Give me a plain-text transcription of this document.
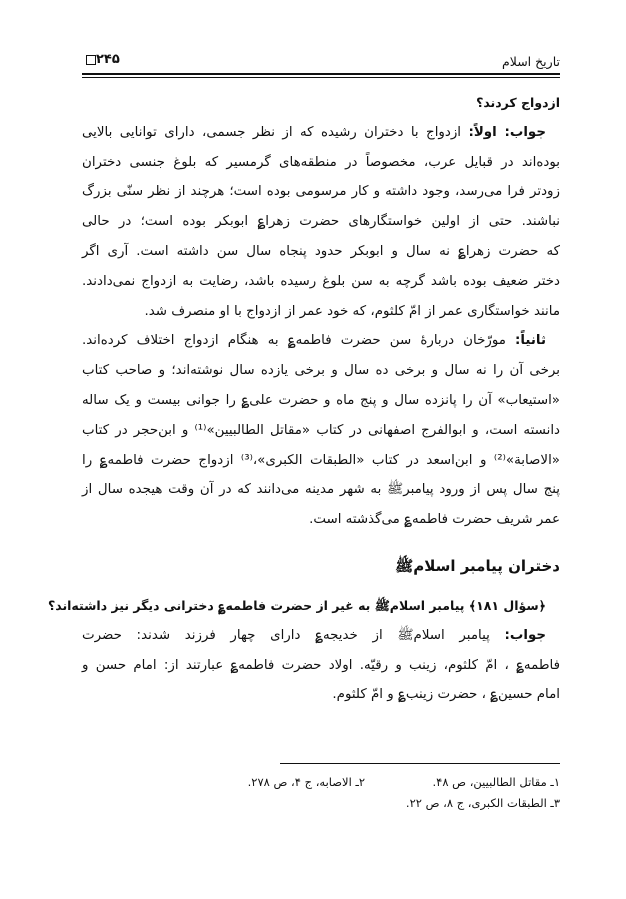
تاریخ اسلام
۲۴۵
ازدواج کردند؟
جواب: اولاً: ازدواج با دختران رشیده که از نظر جسمی، دارای توانایی بالایی
بوده‌اند در قبایل عرب، مخصوصاً در منطقه‌های گرمسیر که بلوغ جنسی دختران
زودتر فرا می‌رسد، وجود داشته و کار مرسومی بوده است؛ هرچند از نظر سنّی بزرگ
نباشند. حتی از اولین خواستگارهای حضرت زهرا؏ ابوبکر بوده است؛ در حالی
که حضرت زهرا؏ نه سال و ابوبکر حدود پنجاه سال سن داشته است. آری اگر
دختر ضعیف بوده باشد گرچه به سن بلوغ رسیده باشد، رضایت به ازدواج نمی‌دادند.
مانند خواستگاری عمر از امّ کلثوم، که خود عمر از ازدواج با او منصرف شد.
ثانیاً: مورّخان دربارهٔ سن حضرت فاطمه؏ به هنگام ازدواج اختلاف کرده‌اند.
برخی آن را نه سال و برخی ده سال و برخی یازده سال نوشته‌اند؛ و صاحب کتاب
«استیعاب» آن را پانزده سال و پنج ماه و حضرت علی؏ را جوانی بیست و یک ساله
دانسته است، و ابوالفرج اصفهانی در کتاب «مقاتل الطالبیین»⁽¹⁾ و ابن‌حجر در کتاب
«الاصابة»⁽²⁾ و ابن‌اسعد در کتاب «الطبقات الکبری»،⁽³⁾ ازدواج حضرت فاطمه؏ را
پنج سال پس از ورود پیامبرﷺ به شهر مدینه می‌دانند که در آن وقت هیجده سال از
عمر شریف حضرت فاطمه؏ می‌گذشته است.
دختران پیامبر اسلامﷺ
﴿سؤال ۱۸۱﴾ پیامبر اسلامﷺ به غیر از حضرت فاطمه؏ دخترانی دیگر نیز داشته‌اند؟
جواب: پیامبر اسلامﷺ از خدیجه؏ دارای چهار فرزند شدند: حضرت
فاطمه؏ ، امّ کلثوم، زینب و رقیّه. اولاد حضرت فاطمه؏ عبارتند از: امام حسن و
امام حسین؏ ، حضرت زینب؏ و امّ کلثوم.
۱ـ مقاتل الطالبیین، ص ۴۸.
۲ـ الاصابه، ج ۴، ص ۲۷۸.
۳ـ الطبقات الکبری، ج ۸، ص ۲۲.
